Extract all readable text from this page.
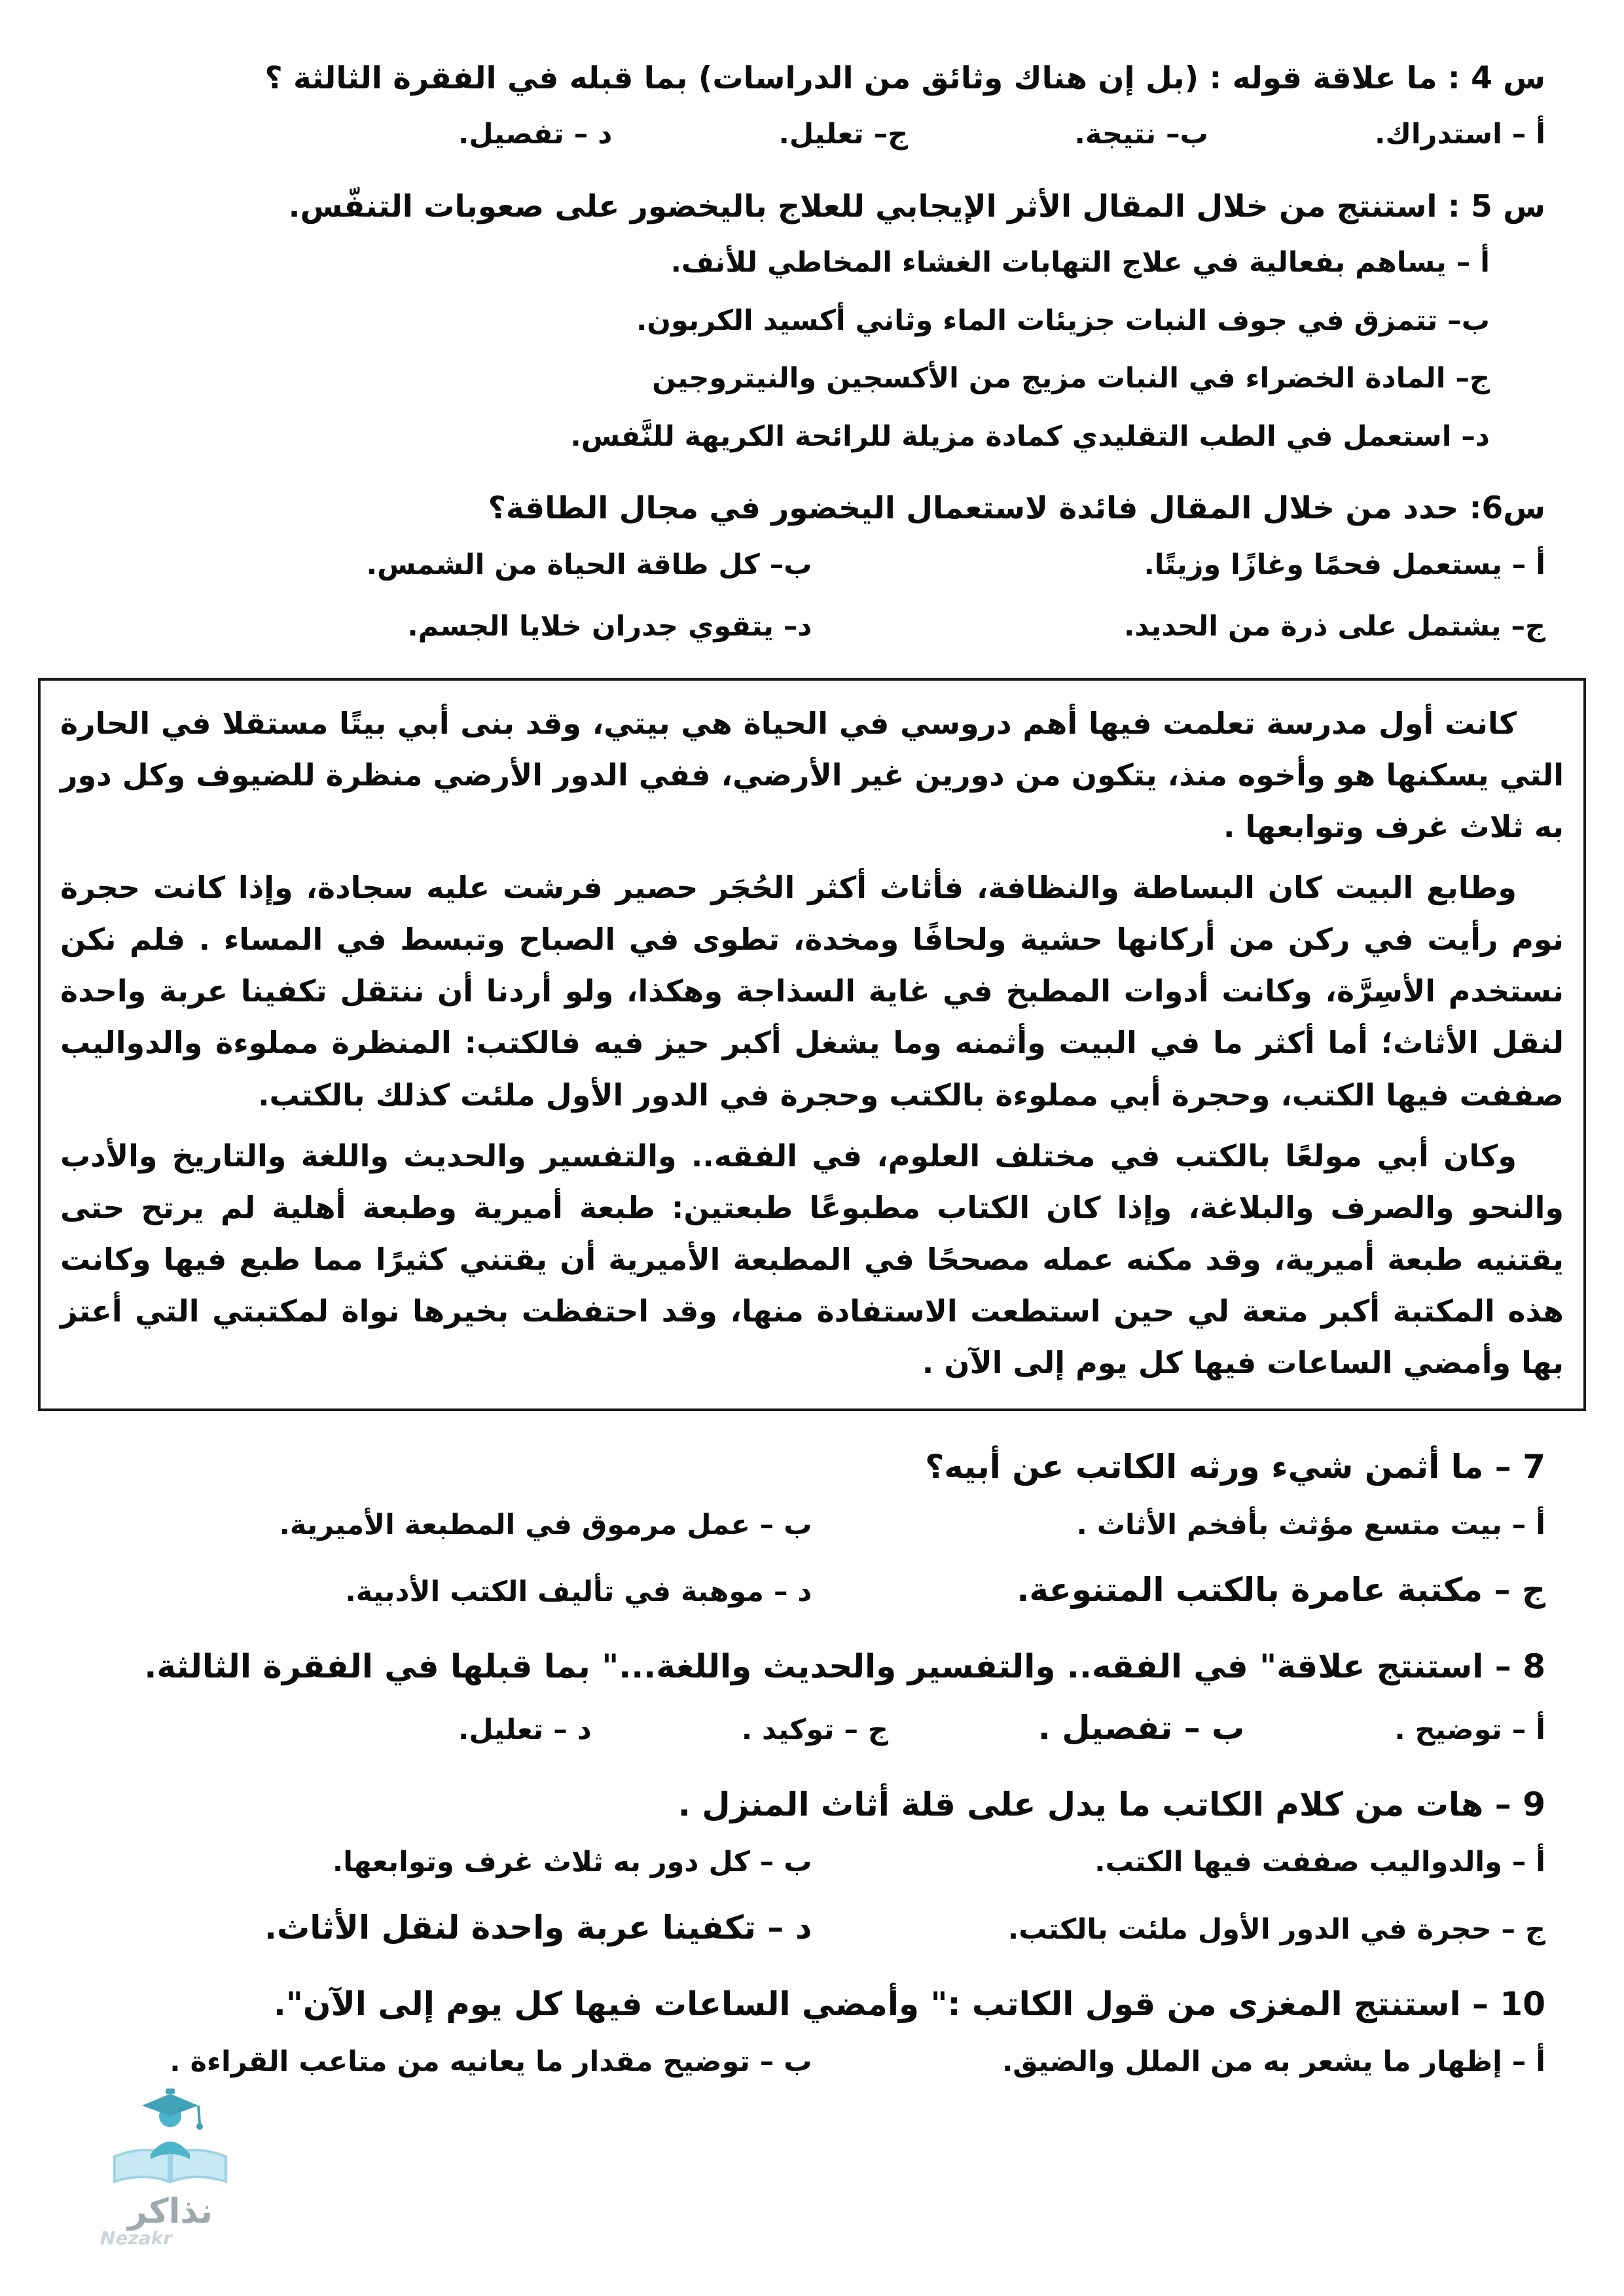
س 4 : ما علاقة قوله : (بل إن هناك وثائق من الدراسات) بما قبله في الفقرة الثالثة ؟
أ – استدراك.
ب– نتيجة.
ج– تعليل.
د – تفصيل.
س 5 : استنتج من خلال المقال الأثر الإيجابي للعلاج باليخضور على صعوبات التنفّس.
أ – يساهم بفعالية في علاج التهابات الغشاء المخاطي للأنف.
ب– تتمزق في جوف النبات جزيئات الماء وثاني أكسيد الكربون.
ج– المادة الخضراء في النبات مزيج من الأكسجين والنيتروجين
د– استعمل في الطب التقليدي كمادة مزيلة للرائحة الكريهة للنَّفس.
س6: حدد من خلال المقال فائدة لاستعمال اليخضور في مجال الطاقة؟
أ – يستعمل فحمًا وغازًا وزيتًا.
ب– كل طاقة الحياة من الشمس.
ج– يشتمل على ذرة من الحديد.
د– يتقوي جدران خلايا الجسم.

كانت أول مدرسة تعلمت فيها أهم دروسي في الحياة هي بيتي، وقد بنى أبي بيتًا مستقلا في الحارة التي يسكنها هو وأخوه منذ، يتكون من دورين غير الأرضي، ففي الدور الأرضي منظرة للضيوف وكل دور به ثلاث غرف وتوابعها .

وطابع البيت كان البساطة والنظافة، فأثاث أكثر الحُجَر حصير فرشت عليه سجادة، وإذا كانت حجرة نوم رأيت في ركن من أركانها حشية ولحافًا ومخدة، تطوى في الصباح وتبسط في المساء . فلم نكن نستخدم الأسِرَّة، وكانت أدوات المطبخ في غاية السذاجة وهكذا، ولو أردنا أن ننتقل تكفينا عربة واحدة لنقل الأثاث؛ أما أكثر ما في البيت وأثمنه وما يشغل أكبر حيز فيه فالكتب: المنظرة مملوءة والدواليب صففت فيها الكتب، وحجرة أبي مملوءة بالكتب وحجرة في الدور الأول ملئت كذلك بالكتب.

وكان أبي مولعًا بالكتب في مختلف العلوم، في الفقه.. والتفسير والحديث واللغة والتاريخ والأدب والنحو والصرف والبلاغة، وإذا كان الكتاب مطبوعًا طبعتين: طبعة أميرية وطبعة أهلية لم يرتح حتى يقتنيه طبعة أميرية، وقد مكنه عمله مصححًا في المطبعة الأميرية أن يقتني كثيرًا مما طبع فيها وكانت هذه المكتبة أكبر متعة لي حين استطعت الاستفادة منها، وقد احتفظت بخيرها نواة لمكتبتي التي أعتز بها وأمضي الساعات فيها كل يوم إلى الآن .

7 – ما أثمن شيء ورثه الكاتب عن أبيه؟
أ – بيت متسع مؤثث بأفخم الأثاث .
ب – عمل مرموق في المطبعة الأميرية.
ج – مكتبة عامرة بالكتب المتنوعة.
د – موهبة في تأليف الكتب الأدبية.
8 – استنتج علاقة" في الفقه.. والتفسير والحديث واللغة..." بما قبلها في الفقرة الثالثة.
أ – توضيح .
ب – تفصيل .
ج – توكيد .
د – تعليل.
9 – هات من كلام الكاتب ما يدل على قلة أثاث المنزل .
أ – والدواليب صففت فيها الكتب.
ب – كل دور به ثلاث غرف وتوابعها.
ج – حجرة في الدور الأول ملئت بالكتب.
د – تكفينا عربة واحدة لنقل الأثاث.
10 – استنتج المغزى من قول الكاتب :" وأمضي الساعات فيها كل يوم إلى الآن".
أ – إظهار ما يشعر به من الملل والضيق.
ب – توضيح مقدار ما يعانيه من متاعب القراءة .
نذاكر
Nezakr
